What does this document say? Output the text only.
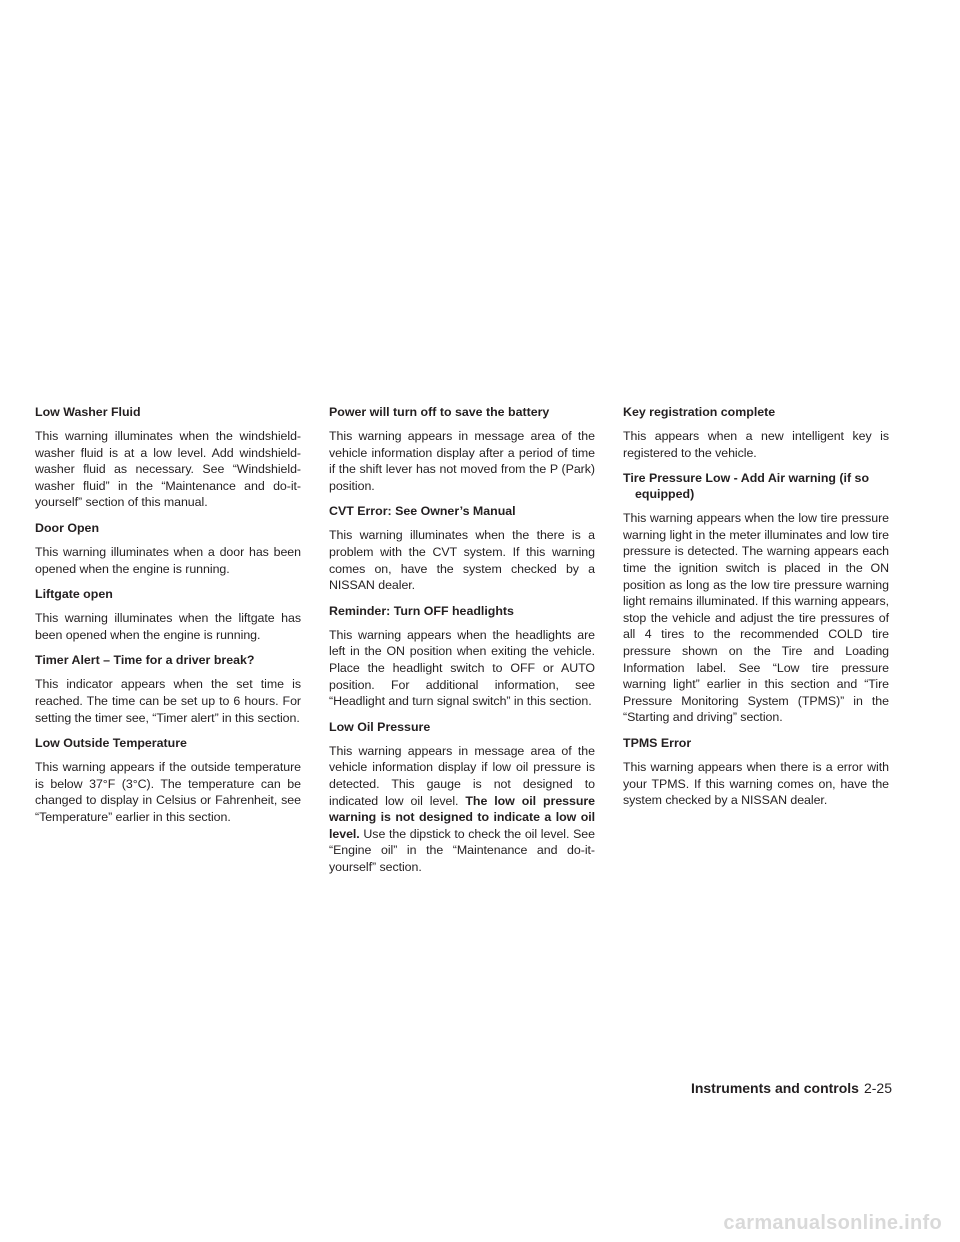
Low Washer Fluid

This warning illuminates when the windshield-washer fluid is at a low level. Add windshield-washer fluid as necessary. See “Windshield-washer fluid” in the “Maintenance and do-it-yourself” section of this manual.

Door Open

This warning illuminates when a door has been opened when the engine is running.

Liftgate open

This warning illuminates when the liftgate has been opened when the engine is running.

Timer Alert – Time for a driver break?

This indicator appears when the set time is reached. The time can be set up to 6 hours. For setting the timer see, “Timer alert” in this section.

Low Outside Temperature

This warning appears if the outside temperature is below 37°F (3°C). The temperature can be changed to display in Celsius or Fahrenheit, see “Temperature” earlier in this section.

Power will turn off to save the battery

This warning appears in message area of the vehicle information display after a period of time if the shift lever has not moved from the P (Park) position.

CVT Error: See Owner’s Manual

This warning illuminates when the there is a problem with the CVT system. If this warning comes on, have the system checked by a NISSAN dealer.

Reminder: Turn OFF headlights

This warning appears when the headlights are left in the ON position when exiting the vehicle. Place the headlight switch to OFF or AUTO position. For additional information, see “Headlight and turn signal switch” in this section.

Low Oil Pressure

This warning appears in message area of the vehicle information display if low oil pressure is detected. This gauge is not designed to indicated low oil level. The low oil pressure warning is not designed to indicate a low oil level. Use the dipstick to check the oil level. See “Engine oil” in the “Maintenance and do-it-yourself” section.

Key registration complete

This appears when a new intelligent key is registered to the vehicle.

Tire Pressure Low - Add Air warning (if so
equipped)

This warning appears when the low tire pressure warning light in the meter illuminates and low tire pressure is detected. The warning appears each time the ignition switch is placed in the ON position as long as the low tire pressure warning light remains illuminated. If this warning appears, stop the vehicle and adjust the tire pressures of all 4 tires to the recommended COLD tire pressure shown on the Tire and Loading Information label. See “Low tire pressure warning light” earlier in this section and “Tire Pressure Monitoring System (TPMS)” in the “Starting and driving” section.

TPMS Error

This warning appears when there is a error with your TPMS. If this warning comes on, have the system checked by a NISSAN dealer.

Instruments and controls 2-25
carmanualsonline.info
